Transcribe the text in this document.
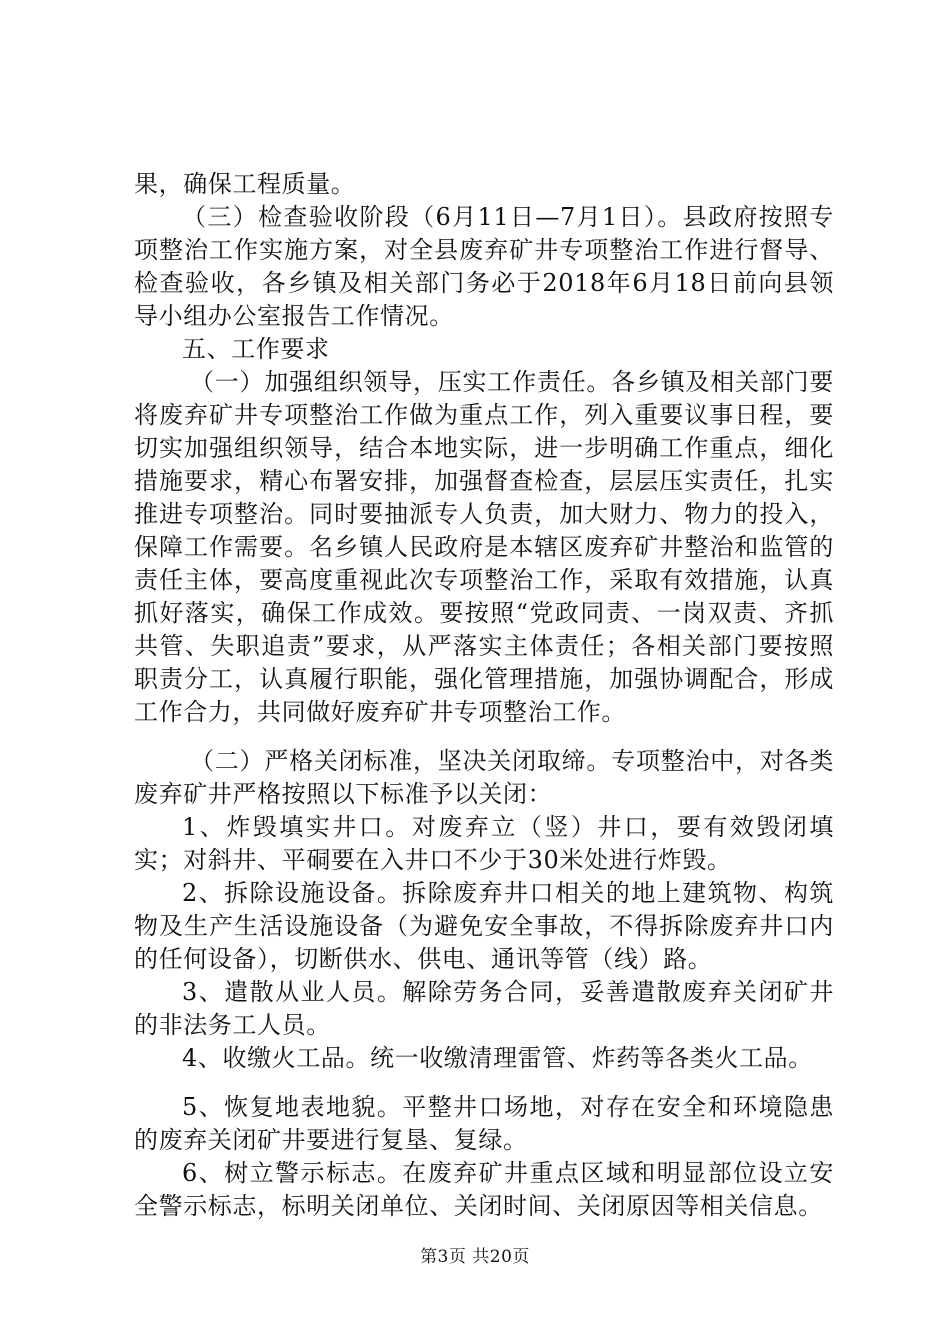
果，确保工程质量。

（三）检查验收阶段（6月11日—7月1日）。县政府按照专项整治工作实施方案，对全县废弃矿井专项整治工作进行督导、检查验收，各乡镇及相关部门务必于2018年6月18日前向县领导小组办公室报告工作情况。

五、工作要求

（一）加强组织领导，压实工作责任。各乡镇及相关部门要将废弃矿井专项整治工作做为重点工作，列入重要议事日程，要切实加强组织领导，结合本地实际，进一步明确工作重点，细化措施要求，精心布署安排，加强督查检查，层层压实责任，扎实推进专项整治。同时要抽派专人负责，加大财力、物力的投入，保障工作需要。名乡镇人民政府是本辖区废弃矿井整治和监管的责任主体，要高度重视此次专项整治工作，采取有效措施，认真抓好落实，确保工作成效。要按照“党政同责、一岗双责、齐抓共管、失职追责”要求，从严落实主体责任；各相关部门要按照职责分工，认真履行职能，强化管理措施，加强协调配合，形成工作合力，共同做好废弃矿井专项整治工作。

（二）严格关闭标准，坚决关闭取缔。专项整治中，对各类废弃矿井严格按照以下标准予以关闭：

1、炸毁填实井口。对废弃立（竖）井口，要有效毁闭填实；对斜井、平硐要在入井口不少于30米处进行炸毁。

2、拆除设施设备。拆除废弃井口相关的地上建筑物、构筑物及生产生活设施设备（为避免安全事故，不得拆除废弃井口内的任何设备），切断供水、供电、通讯等管（线）路。

3、遣散从业人员。解除劳务合同，妥善遣散废弃关闭矿井的非法务工人员。

4、收缴火工品。统一收缴清理雷管、炸药等各类火工品。

5、恢复地表地貌。平整井口场地，对存在安全和环境隐患的废弃关闭矿井要进行复垦、复绿。

6、树立警示标志。在废弃矿井重点区域和明显部位设立安全警示标志，标明关闭单位、关闭时间、关闭原因等相关信息。

第3页 共20页
